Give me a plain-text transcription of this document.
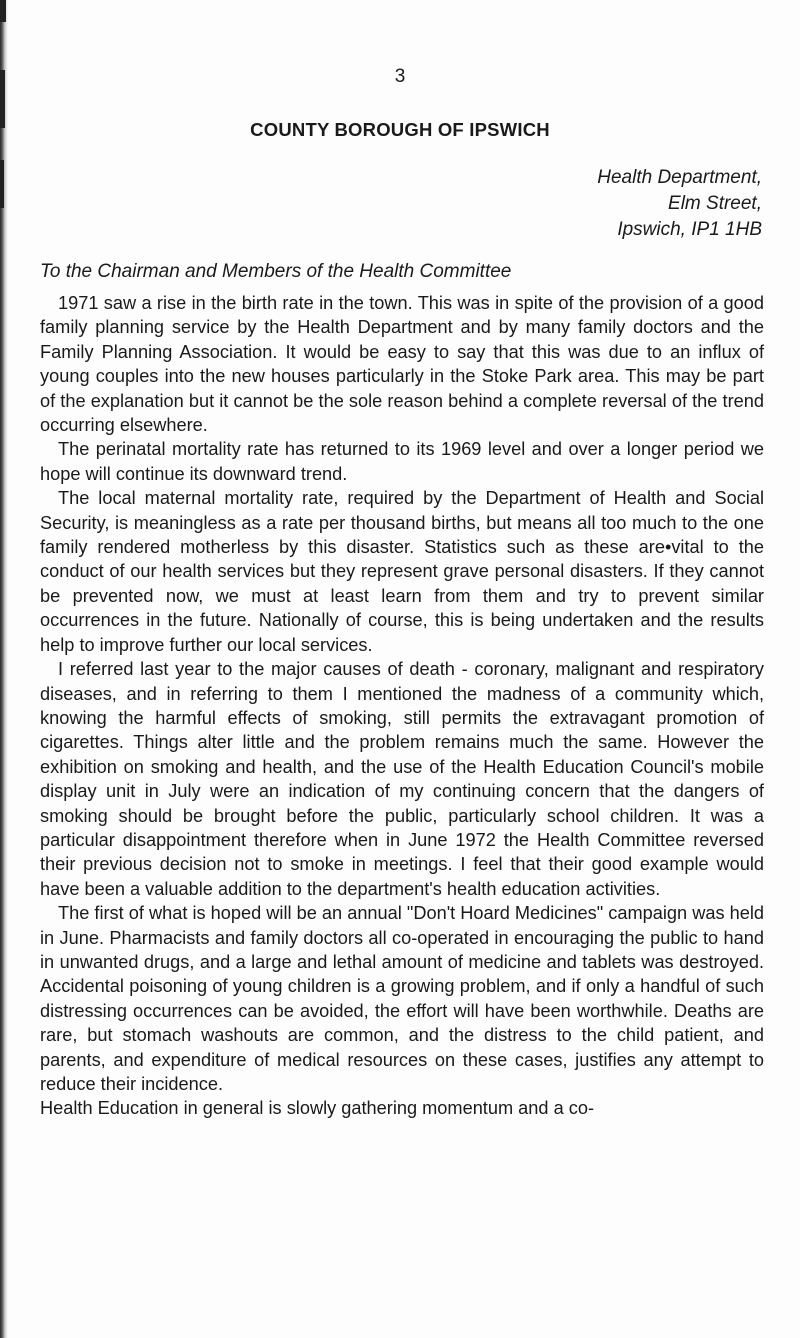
3
COUNTY BOROUGH OF IPSWICH
Health Department,
Elm Street,
Ipswich, IP1 1HB
To the Chairman and Members of the Health Committee

1971 saw a rise in the birth rate in the town. This was in spite of the provision of a good family planning service by the Health Department and by many family doctors and the Family Planning Association. It would be easy to say that this was due to an influx of young couples into the new houses particularly in the Stoke Park area. This may be part of the explanation but it cannot be the sole reason behind a complete reversal of the trend occurring elsewhere.

The perinatal mortality rate has returned to its 1969 level and over a longer period we hope will continue its downward trend.

The local maternal mortality rate, required by the Department of Health and Social Security, is meaningless as a rate per thousand births, but means all too much to the one family rendered motherless by this disaster. Statistics such as these are•vital to the conduct of our health services but they represent grave personal disasters. If they cannot be prevented now, we must at least learn from them and try to prevent similar occurrences in the future. Nationally of course, this is being undertaken and the results help to improve further our local services.

I referred last year to the major causes of death - coronary, malignant and respiratory diseases, and in referring to them I mentioned the madness of a community which, knowing the harmful effects of smoking, still permits the extravagant promotion of cigarettes. Things alter little and the problem remains much the same. However the exhibition on smoking and health, and the use of the Health Education Council's mobile display unit in July were an indication of my continuing concern that the dangers of smoking should be brought before the public, particularly school children. It was a particular disappointment therefore when in June 1972 the Health Committee reversed their previous decision not to smoke in meetings. I feel that their good example would have been a valuable addition to the department's health education activities.

The first of what is hoped will be an annual "Don't Hoard Medicines" campaign was held in June. Pharmacists and family doctors all co-operated in encouraging the public to hand in unwanted drugs, and a large and lethal amount of medicine and tablets was destroyed. Accidental poisoning of young children is a growing problem, and if only a handful of such distressing occurrences can be avoided, the effort will have been worthwhile. Deaths are rare, but stomach washouts are common, and the distress to the child patient, and parents, and expenditure of medical resources on these cases, justifies any attempt to reduce their incidence.

Health Education in general is slowly gathering momentum and a co-
